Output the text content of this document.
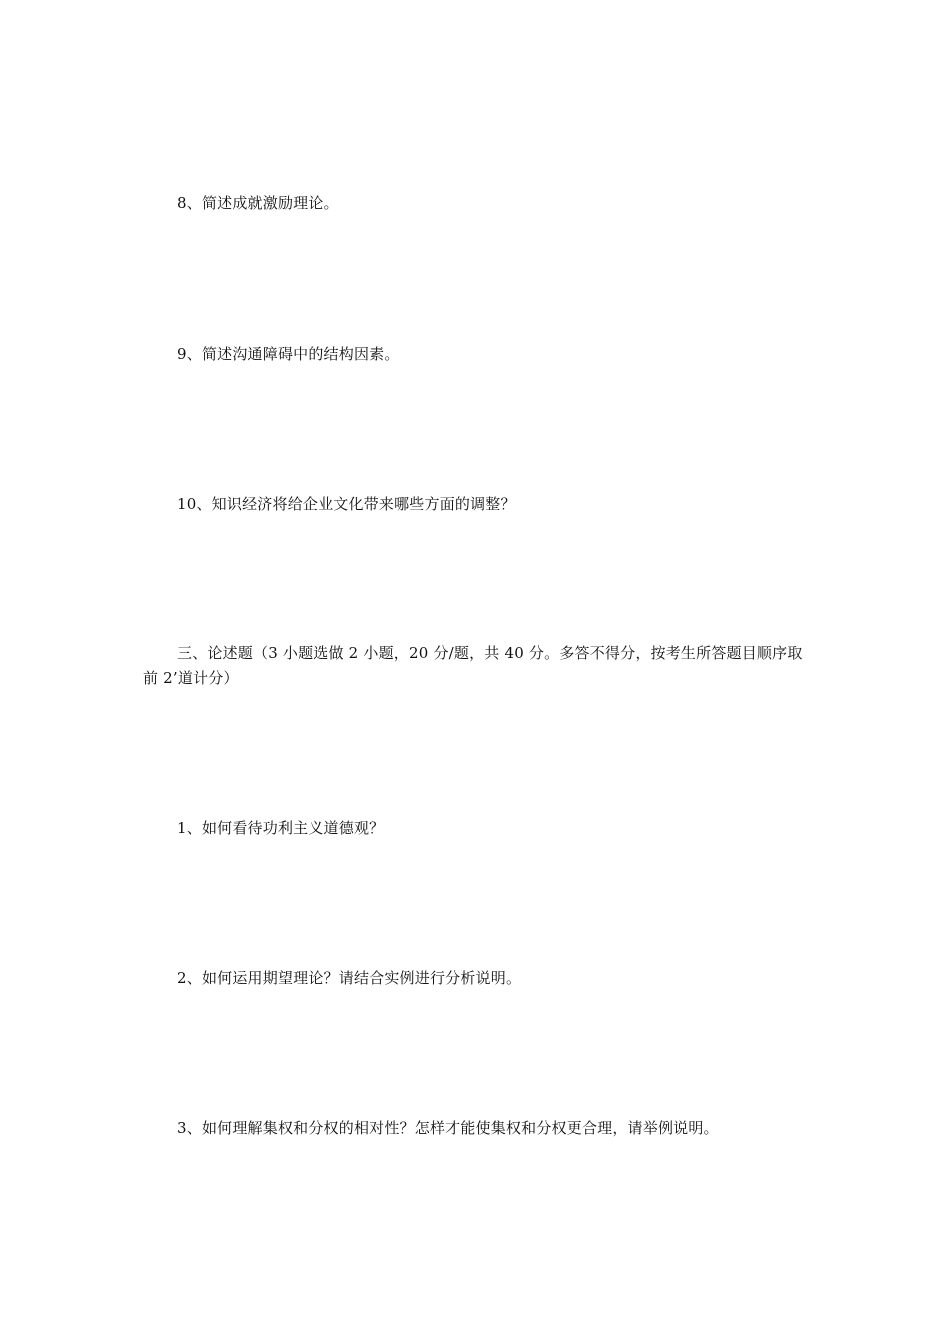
8、简述成就激励理论。
9、简述沟通障碍中的结构因素。
10、知识经济将给企业文化带来哪些方面的调整？
三、论述题（3 小题选做 2 小题，20 分/题，共 40 分。多答不得分，按考生所答题目顺序取
前 2’道计分）
1、如何看待功利主义道德观？
2、如何运用期望理论？请结合实例进行分析说明。
3、如何理解集权和分权的相对性？怎样才能使集权和分权更合理，请举例说明。
